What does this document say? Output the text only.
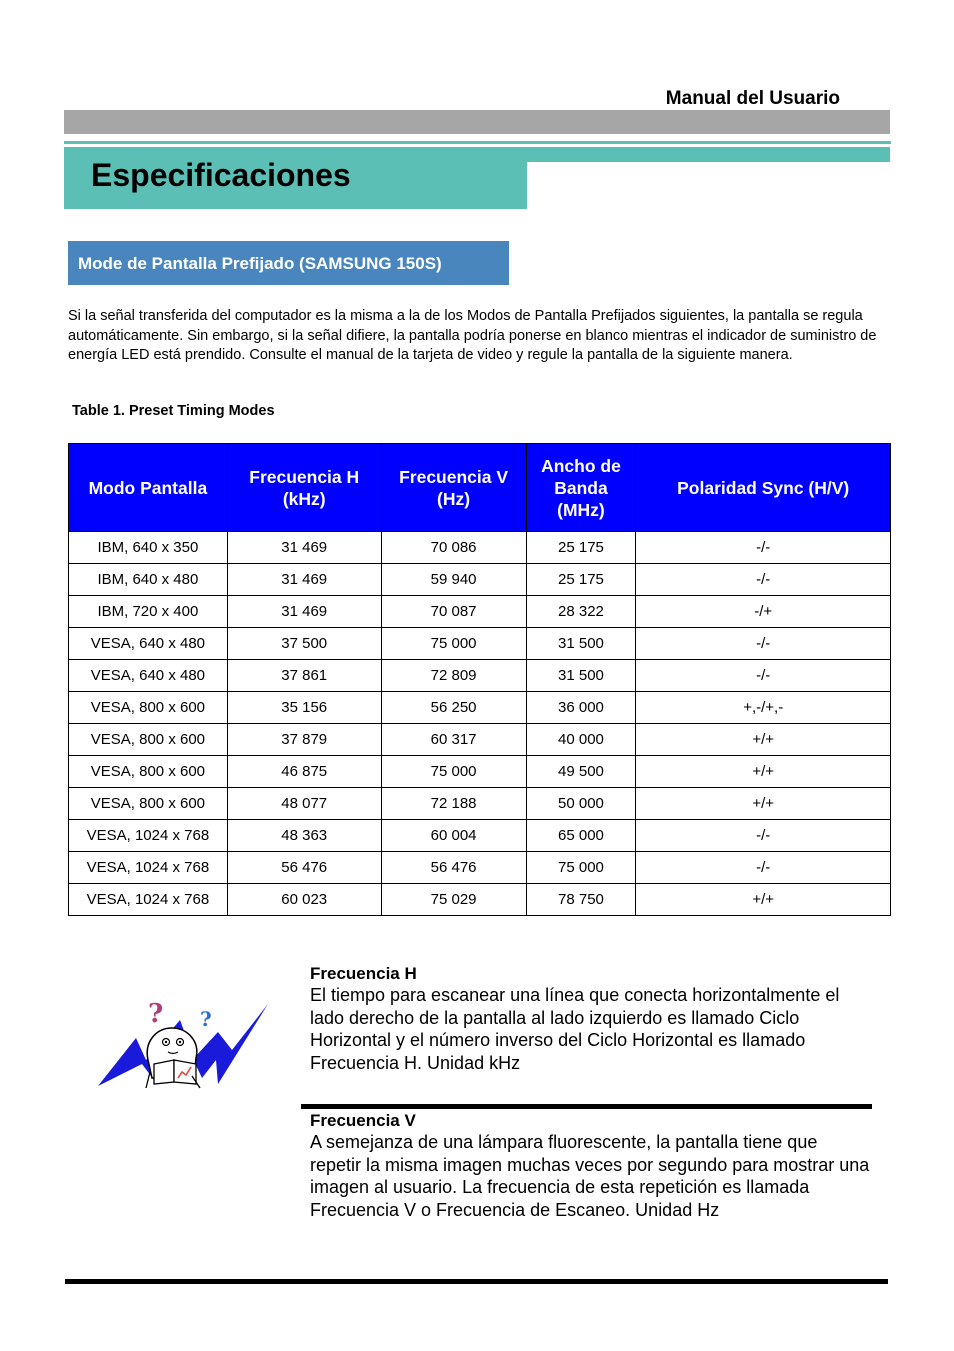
Manual del Usuario
Especificaciones
Mode de Pantalla Prefijado (SAMSUNG 150S)
Si la señal transferida del computador es la misma a la de los Modos de Pantalla Prefijados siguientes, la pantalla se regula automáticamente. Sin embargo, si la señal difiere, la pantalla podría ponerse en blanco mientras el indicador de suministro de energía LED está prendido. Consulte el manual de la tarjeta de video y regule la pantalla de la siguiente manera.
Table 1. Preset Timing Modes
Modo Pantalla	Frecuencia H (kHz)	Frecuencia V (Hz)	Ancho de Banda (MHz)	Polaridad Sync (H/V)
IBM, 640 x 350	31 469	70 086	25 175	-/-
IBM, 640 x 480	31 469	59 940	25 175	-/-
IBM, 720 x 400	31 469	70 087	28 322	-/+
VESA, 640 x 480	37 500	75 000	31 500	-/-
VESA, 640 x 480	37 861	72 809	31 500	-/-
VESA, 800 x 600	35 156	56 250	36 000	+,-/+,-
VESA, 800 x 600	37 879	60 317	40 000	+/+
VESA, 800 x 600	46 875	75 000	49 500	+/+
VESA, 800 x 600	48 077	72 188	50 000	+/+
VESA, 1024 x 768	48 363	60 004	65 000	-/-
VESA, 1024 x 768	56 476	56 476	75 000	-/-
VESA, 1024 x 768	60 023	75 029	78 750	+/+
? ?
Frecuencia H
El tiempo para escanear una línea que conecta horizontalmente el lado derecho de la pantalla al lado izquierdo es llamado Ciclo Horizontal y el número inverso del Ciclo Horizontal es llamado Frecuencia H. Unidad kHz
Frecuencia V
A semejanza de una lámpara fluorescente, la pantalla tiene que repetir la misma imagen muchas veces por segundo para mostrar una imagen al usuario. La frecuencia de esta repetición es llamada Frecuencia V o Frecuencia de Escaneo. Unidad Hz
